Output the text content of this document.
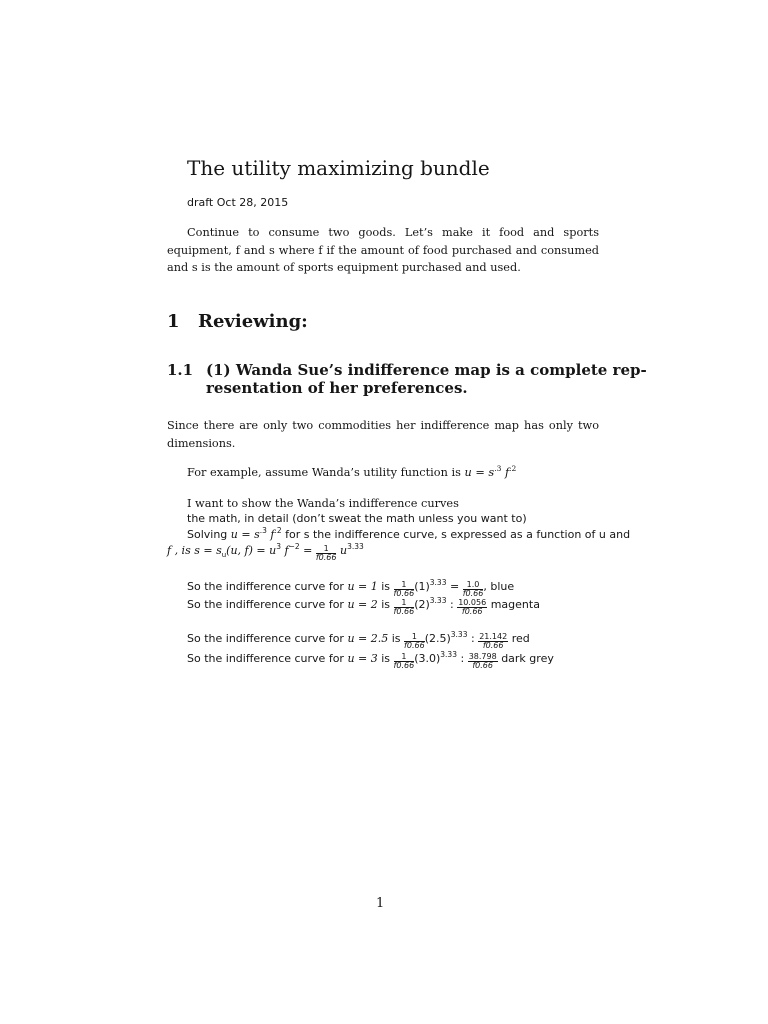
The utility maximizing bundle
draft Oct 28, 2015
Continue to consume two goods. Let’s make it food and sports equipment, f and s where f if the amount of food purchased and consumed and s is the amount of sports equipment purchased and used.
1 Reviewing:
1.1 (1) Wanda Sue’s indifference map is a complete rep-
resentation of her preferences.
Since there are only two commodities her indifference map has only two dimensions.
For example, assume Wanda’s utility function is $u = s^{.3}$ $f^{.2}$
I want to show the Wanda’s indifference curves
the math, in detail (don’t sweat the math unless you want to)
Solving $u = s^{.3}$ $f^{.2}$ for s the indifference curve, s expressed as a function of u and
f , is $s = s_u(u$, $f) = u^3$ $f^{-2} = \frac{1}{f0.66} u^{3.33}$
So the indifference curve for u = 1 is $\frac{1}{f0.66} (1)^{3.33} = \frac{1.0}{f0.66}$ , blue
So the indifference curve for u = 2 is $\frac{1}{f0.66} (2)^{3.33}$ : $\frac{10.056}{f0.66}$ magenta
So the indifference curve for u = 2.5 is $\frac{1}{f0.66} (2.5)^{3.33}$ : $\frac{21.142}{f0.66}$ red
So the indifference curve for u = 3 is $\frac{1}{f0.66} (3.0)^{3.33}$ : $\frac{38.798}{f0.66}$ dark grey
1
